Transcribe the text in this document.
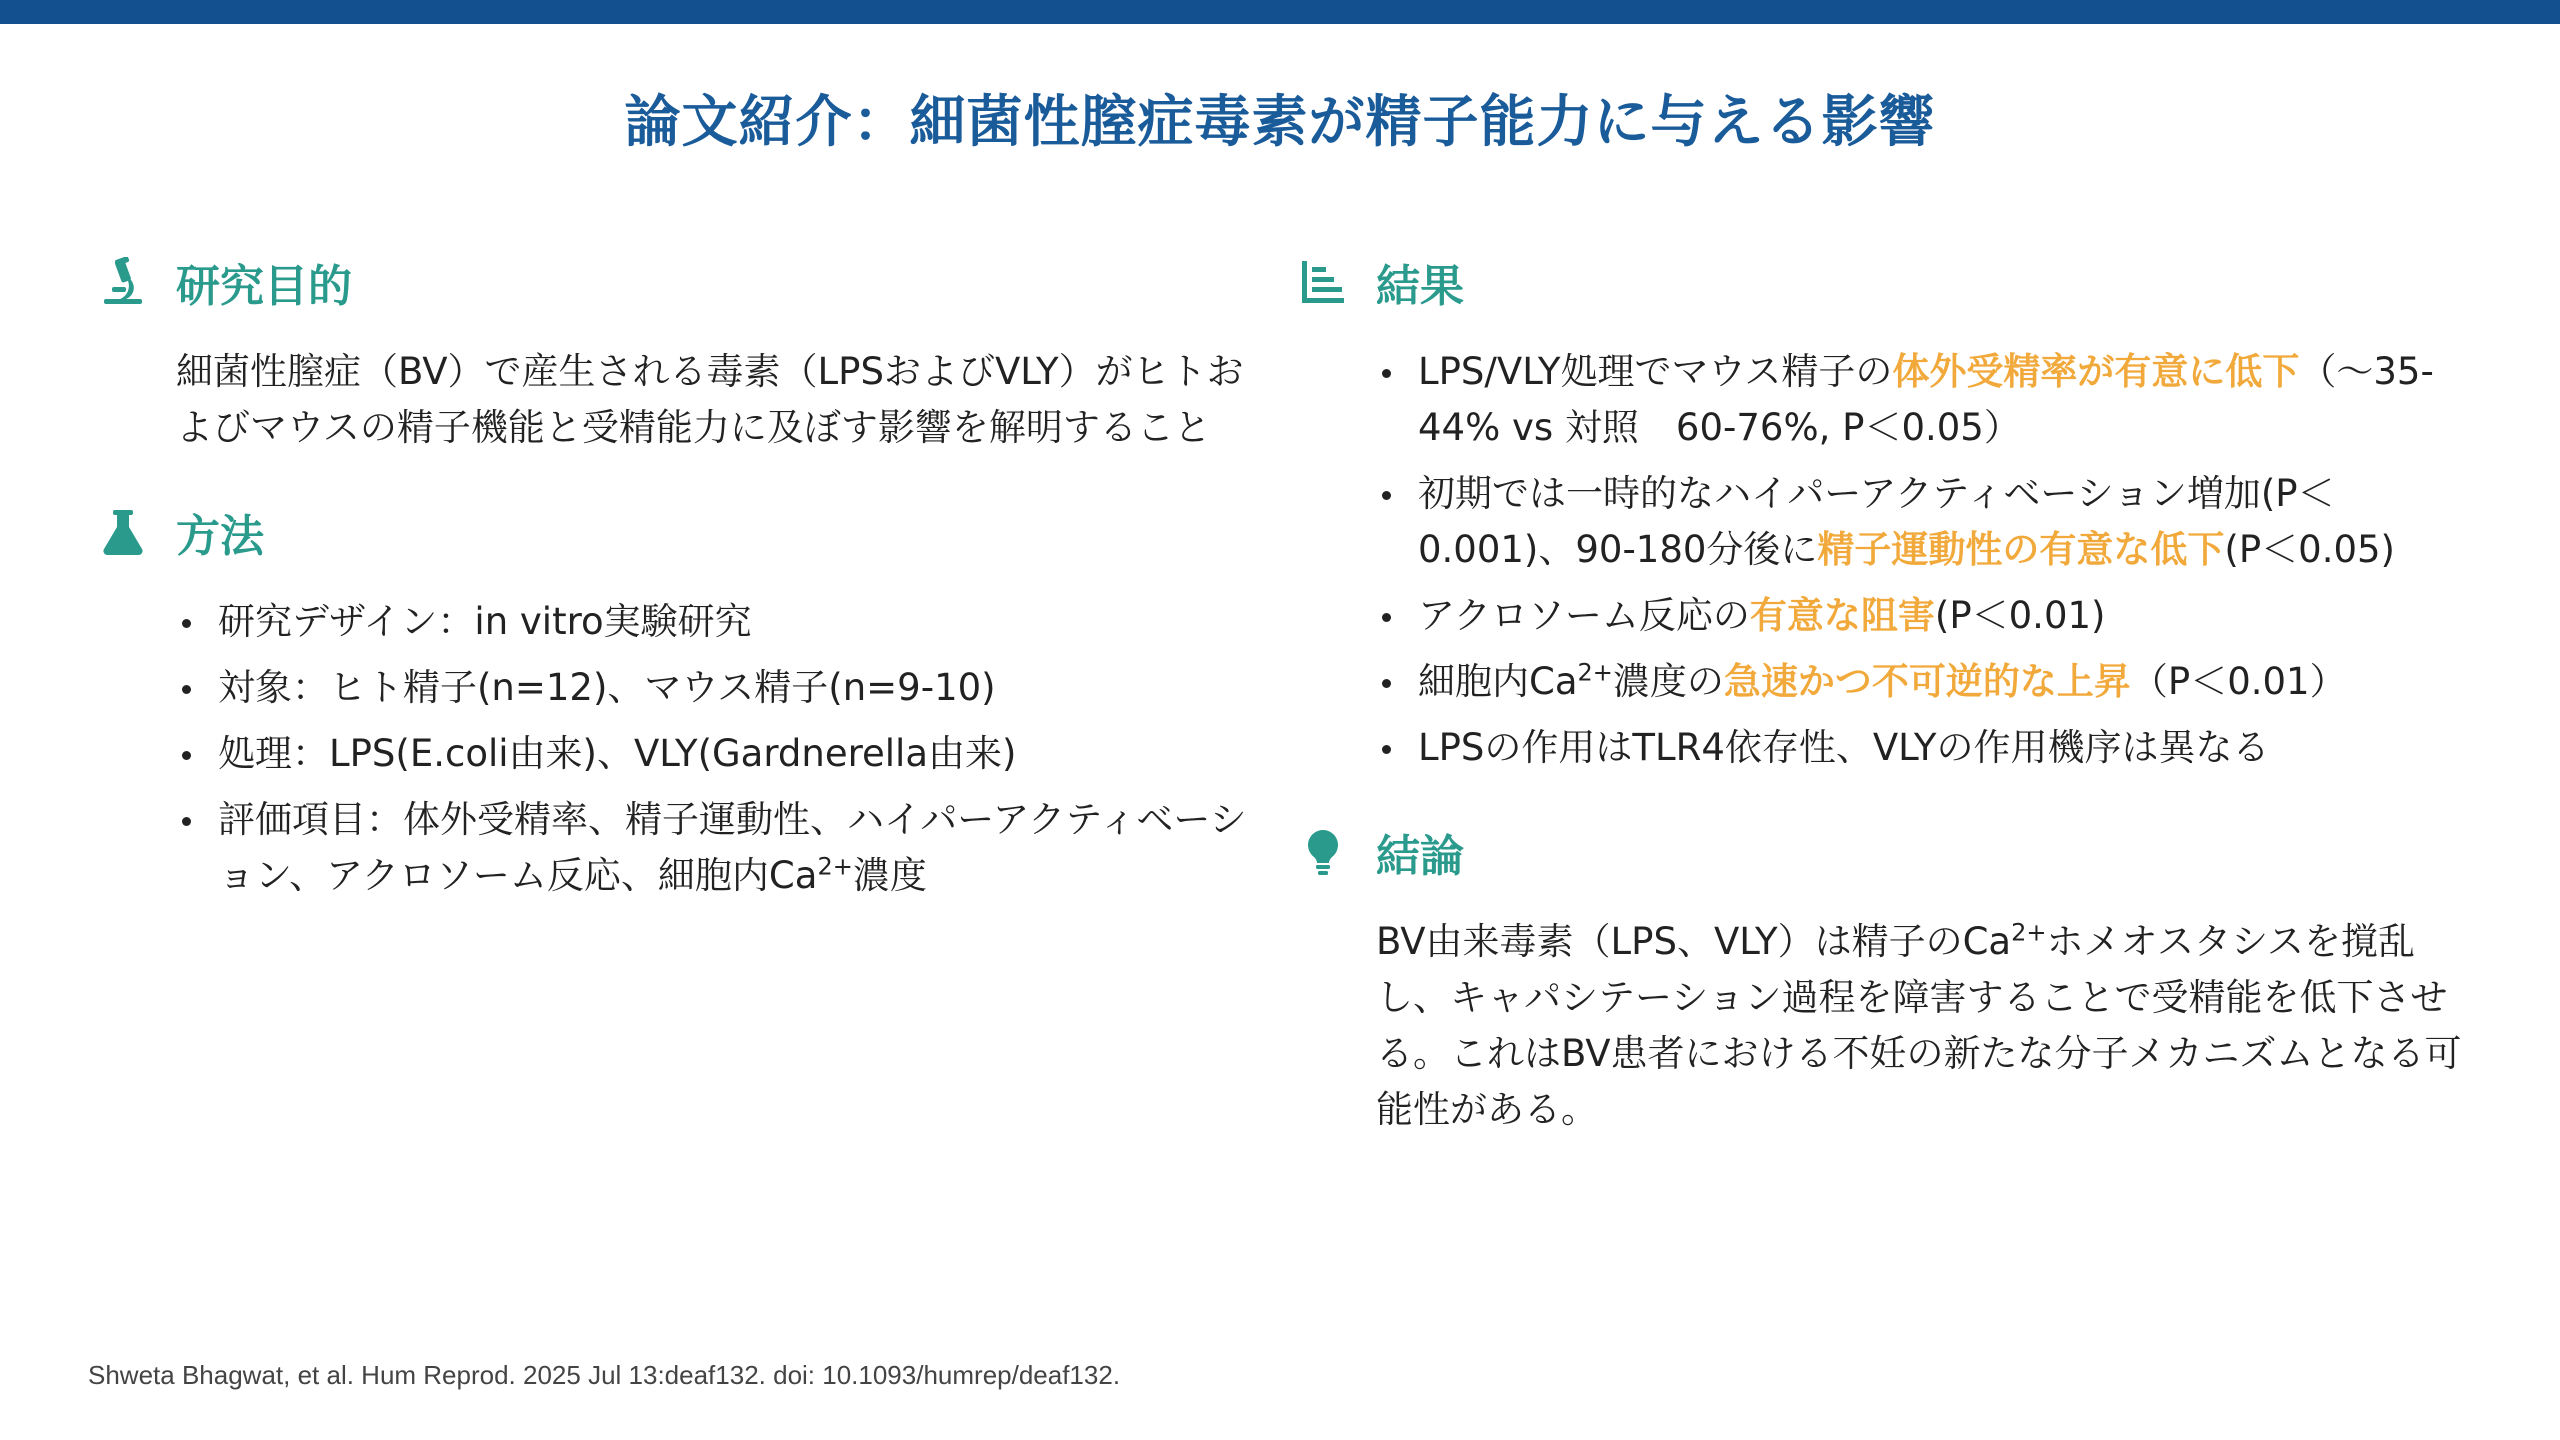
論文紹介：細菌性膣症毒素が精子能力に与える影響
研究目的
細菌性膣症（BV）で産生される毒素（LPSおよびVLY）がヒトおよびマウスの精子機能と受精能力に及ぼす影響を解明すること
方法
研究デザイン：in vitro実験研究
対象：ヒト精子(n=12)、マウス精子(n=9-10)
処理：LPS(E.coli由来)、VLY(Gardnerella由来)
評価項目：体外受精率、精子運動性、ハイパーアクティベーション、アクロソーム反応、細胞内$Ca^{2+}$濃度
結果
LPS/VLY処理でマウス精子の体外受精率が有意に低下（〜35-44% vs 対照　60-76%, P＜0.05）
初期では一時的なハイパーアクティベーション増加(P＜0.001)、90-180分後に精子運動性の有意な低下(P＜0.05)
アクロソーム反応の有意な阻害(P＜0.01)
細胞内$Ca^{2+}$濃度の急速かつ不可逆的な上昇（P＜0.01）
LPSの作用はTLR4依存性、VLYの作用機序は異なる
結論
BV由来毒素（LPS、VLY）は精子の$Ca^{2+}$ホメオスタシスを撹乱し、キャパシテーション過程を障害することで受精能を低下させる。これはBV患者における不妊の新たな分子メカニズムとなる可能性がある。
Shweta Bhagwat, et al. Hum Reprod. 2025 Jul 13:deaf132. doi: 10.1093/humrep/deaf132.
